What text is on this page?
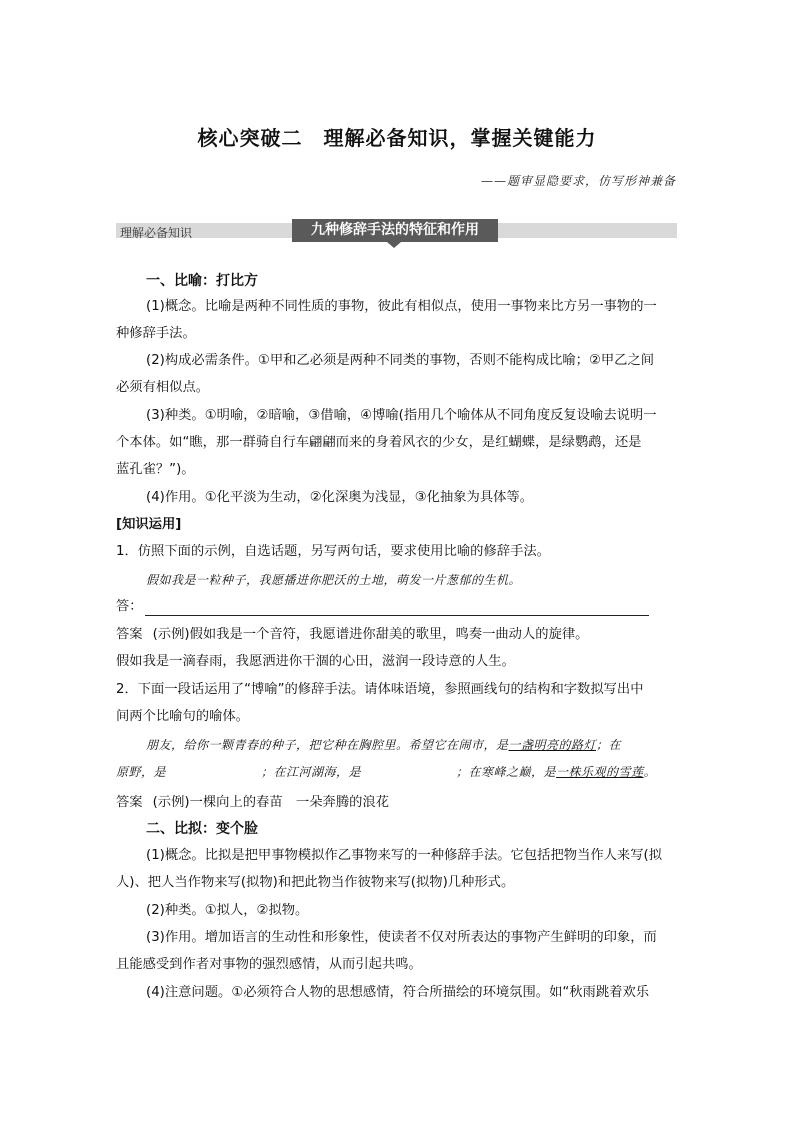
核心突破二　理解必备知识，掌握关键能力
——题审显隐要求，仿写形神兼备
理解必备知识	九种修辞手法的特征和作用
一、比喻：打比方
(1)概念。比喻是两种不同性质的事物，彼此有相似点，使用一事物来比方另一事物的一
种修辞手法。
(2)构成必需条件。①甲和乙必须是两种不同类的事物，否则不能构成比喻；②甲乙之间
必须有相似点。
(3)种类。①明喻，②暗喻，③借喻，④博喻(指用几个喻体从不同角度反复设喻去说明一
个本体。如“瞧，那一群骑自行车翩翩而来的身着风衣的少女，是红蝴蝶，是绿鹦鹉，还是
蓝孔雀？”)。
(4)作用。①化平淡为生动，②化深奥为浅显，③化抽象为具体等。
[知识运用]
1．仿照下面的示例，自选话题，另写两句话，要求使用比喻的修辞手法。
假如我是一粒种子，我愿播进你肥沃的土地，萌发一片葱郁的生机。
答：
答案 (示例)假如我是一个音符，我愿谱进你甜美的歌里，鸣奏一曲动人的旋律。
假如我是一滴春雨，我愿洒进你干涸的心田，滋润一段诗意的人生。
2．下面一段话运用了“博喻”的修辞手法。请体味语境，参照画线句的结构和字数拟写出中
间两个比喻句的喻体。
朋友，给你一颗青春的种子，把它种在胸腔里。希望它在闹市，是一盏明亮的路灯；在
原野，是	；在江河湖海，是	；在寒峰之巅，是一株乐观的雪莲。
答案 (示例)一棵向上的春苗　一朵奔腾的浪花
二、比拟：变个脸
(1)概念。比拟是把甲事物模拟作乙事物来写的一种修辞手法。它包括把物当作人来写(拟
人)、把人当作物来写(拟物)和把此物当作彼物来写(拟物)几种形式。
(2)种类。①拟人，②拟物。
(3)作用。增加语言的生动性和形象性，使读者不仅对所表达的事物产生鲜明的印象，而
且能感受到作者对事物的强烈感情，从而引起共鸣。
(4)注意问题。①必须符合人物的思想感情，符合所描绘的环境氛围。如“秋雨跳着欢乐
